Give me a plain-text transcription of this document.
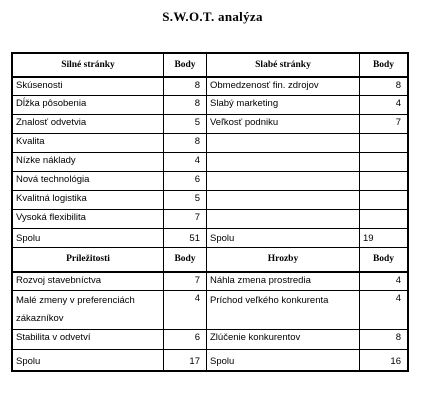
S.W.O.T. analýza
Silné stránky	Body	Slabé stránky	Body
Skúsenosti	8	Obmedzenosť fin. zdrojov	8
Dĺžka pôsobenia	8	Slabý marketing	4
Znalosť odvetvia	5	Veľkosť podniku	7
Kvalita	8		
Nízke náklady	4		
Nová technológia	6		
Kvalitná logistika	5		
Vysoká flexibilita	7		
Spolu	51	Spolu	19
Príležitosti	Body	Hrozby	Body
Rozvoj stavebníctva	7	Náhla zmena prostredia	4
Malé zmeny v preferenciách zákazníkov	4	Príchod veľkého konkurenta	4
Stabilita v odvetví	6	Zlúčenie konkurentov	8
Spolu	17	Spolu	16
